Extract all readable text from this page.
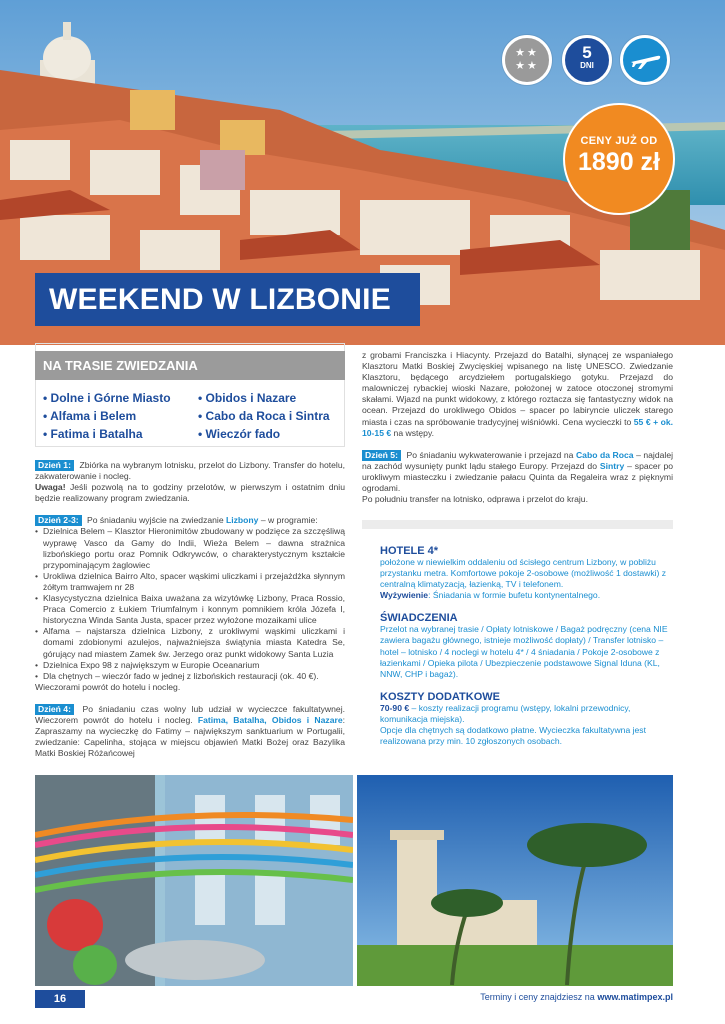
★★
★★
5
DNI
CENY JUŻ OD
1890 zł
WEEKEND W LIZBONIE
NA TRASIE ZWIEDZANIA
• Dolne i Górne Miasto
• Alfama i Belem
• Fatima i Batalha
• Obidos i Nazare
• Cabo da Roca i Sintra
• Wieczór fado

Dzień 1: Zbiórka na wybranym lotnisku, przelot do Lizbony. Transfer do hotelu, zakwaterowanie i nocleg.

Uwaga! Jeśli pozwolą na to godziny przelotów, w pierwszym i ostatnim dniu będzie realizowany program zwiedzania.

Dzień 2-3: Po śniadaniu wyjście na zwiedzanie Lizbony – w programie:

• Dzielnica Belem – Klasztor Hieronimitów zbudowany w podzięce za szczęśliwą wyprawę Vasco da Gamy do Indii, Wieża Belem – dawna strażnica lizbońskiego portu oraz Pomnik Odkrywców, o charakterystycznym kształcie przypominającym żaglowiec
• Urokliwa dzielnica Bairro Alto, spacer wąskimi uliczkami i przejażdżka słynnym żółtym tramwajem nr 28
• Klasycystyczna dzielnica Baixa uważana za wizytówkę Lizbony, Praca Rossio, Praca Comercio z Łukiem Triumfalnym i konnym pomnikiem króla Józefa I, historyczna Winda Santa Justa, spacer przez wyłożone mozaikami ulice
• Alfama – najstarsza dzielnica Lizbony, z urokliwymi wąskimi uliczkami i domami zdobionymi azulejos, najważniejsza świątynia miasta Katedra Se, górujący nad miastem Zamek św. Jerzego oraz punkt widokowy Santa Luzia
• Dzielnica Expo 98 z największym w Europie Oceanarium
• Dla chętnych – wieczór fado w jednej z lizbońskich restauracji (ok. 40 €).

Wieczorami powrót do hotelu i nocleg.

Dzień 4: Po śniadaniu czas wolny lub udział w wycieczce fakultatywnej. Wieczorem powrót do hotelu i nocleg. Fatima, Batalha, Obidos i Nazare: Zapraszamy na wycieczkę do Fatimy – największym sanktuarium w Portugalii, zwiedzanie: Capelinha, stojąca w miejscu objawień Matki Bożej oraz Bazylika Matki Boskiej Różańcowej

z grobami Franciszka i Hiacynty. Przejazd do Batalhi, słynącej ze wspaniałego Klasztoru Matki Boskiej Zwycięskiej wpisanego na listę UNESCO. Zwiedzanie Klasztoru, będącego arcydziełem portugalskiego gotyku. Przejazd do malowniczej rybackiej wioski Nazare, położonej w zatoce otoczonej stromymi skałami. Wjazd na punkt widokowy, z którego roztacza się fantastyczny widok na ocean. Przejazd do urokliwego Obidos – spacer po labiryncie uliczek starego miasta i czas na spróbowanie tradycyjnej wiśniówki. Cena wycieczki to 55 € + ok. 10-15 € na wstępy.

Dzień 5: Po śniadaniu wykwaterowanie i przejazd na Cabo da Roca – najdalej na zachód wysunięty punkt lądu stałego Europy. Przejazd do Sintry – spacer po urokliwym miasteczku i zwiedzanie pałacu Quinta da Regaleira wraz z pięknymi ogrodami.

Po południu transfer na lotnisko, odprawa i przelot do kraju.

HOTELE 4*
położone w niewielkim oddaleniu od ścisłego centrum Lizbony, w pobliżu przystanku metra. Komfortowe pokoje 2-osobowe (możliwość 1 dostawki) z centralną klimatyzacją, łazienką, TV i telefonem.
Wyżywienie: Śniadania w formie bufetu kontynentalnego.
ŚWIADCZENIA
Przelot na wybranej trasie / Opłaty lotniskowe / Bagaż podręczny (cena NIE zawiera bagażu głównego, istnieje możliwość dopłaty) / Transfer lotnisko – hotel – lotnisko / 4 noclegi w hotelu 4* / 4 śniadania / Pokoje 2-osobowe z łazienkami / Opieka pilota / Ubezpieczenie podstawowe Signal Iduna (KL, NNW, CHP i bagaż).
KOSZTY DODATKOWE
70-90 € – koszty realizacji programu (wstępy, lokalni przewodnicy, komunikacja miejska).
Opcje dla chętnych są dodatkowo płatne. Wycieczka fakultatywna jest realizowana przy min. 10 zgłoszonych osobach.
16	Terminy i ceny znajdziesz na www.matimpex.pl
